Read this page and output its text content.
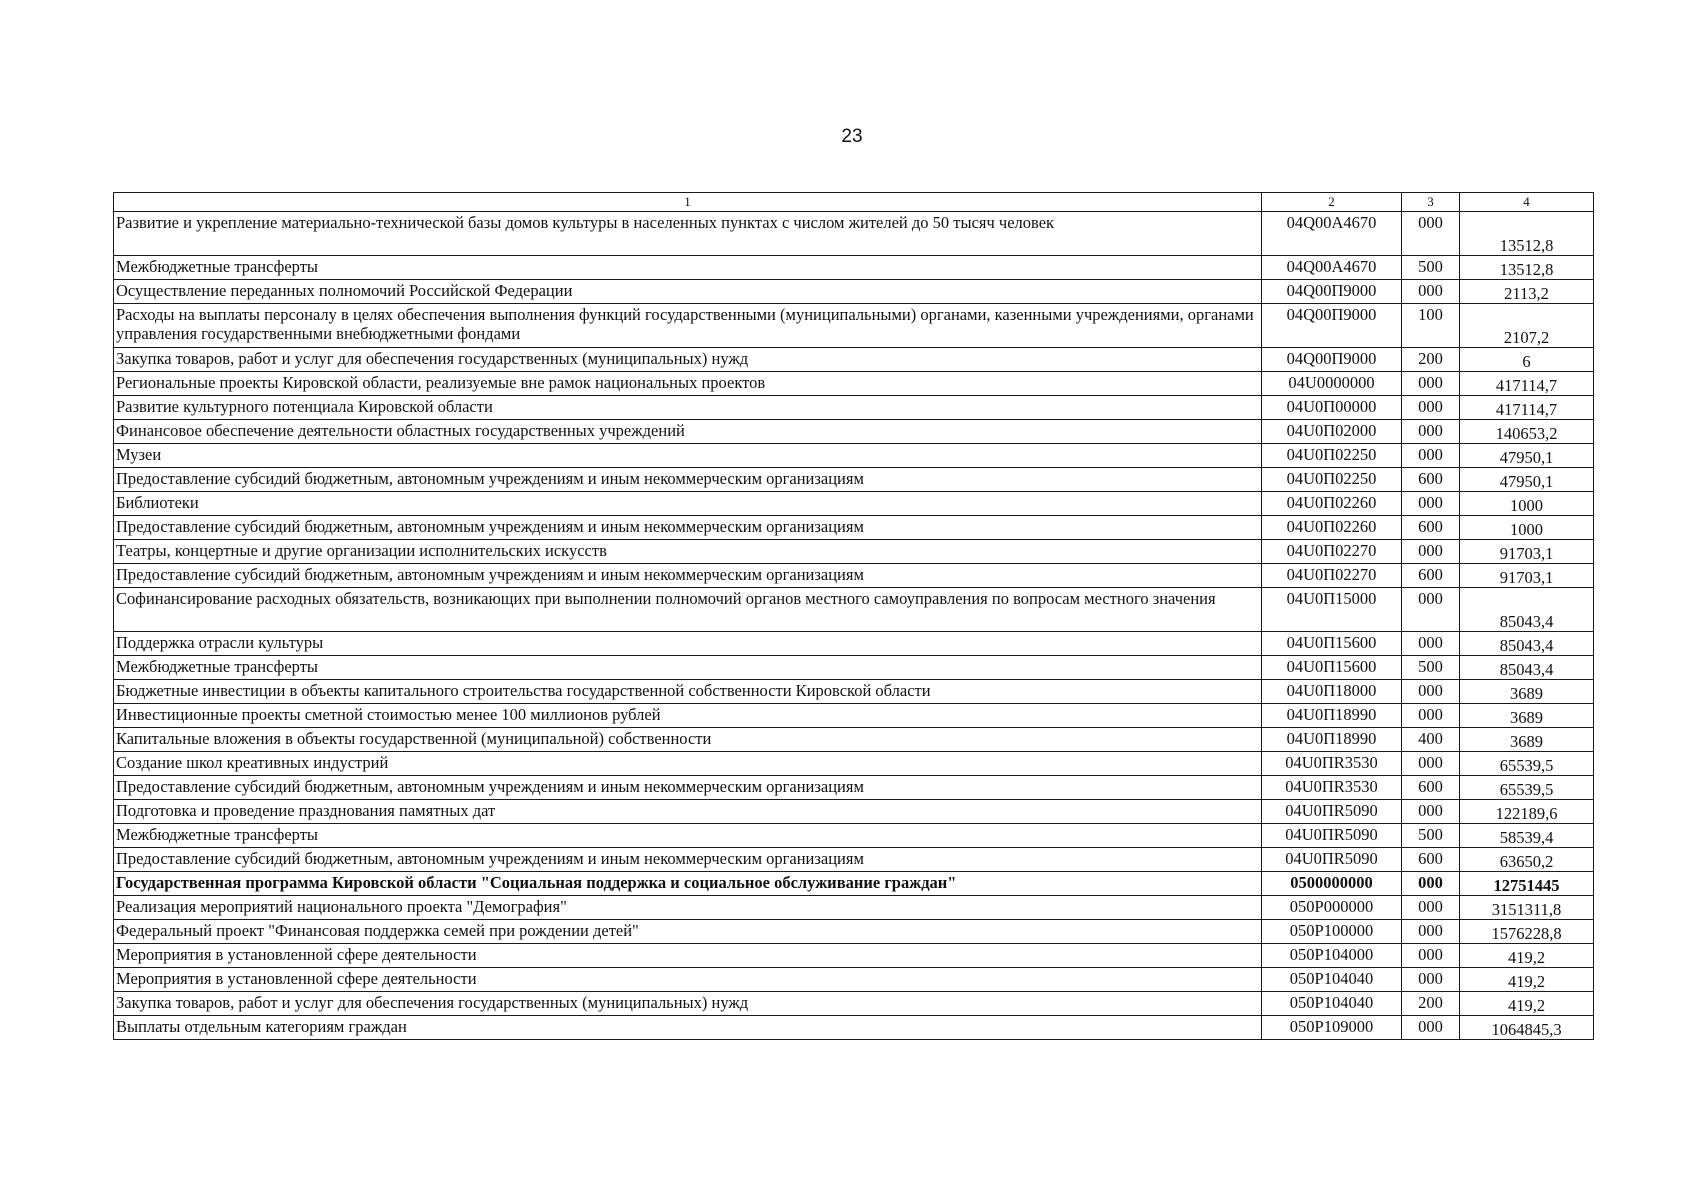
23
1	2	3	4
Развитие и укрепление материально-технической базы домов культуры в населенных пунктах с числом жителей до 50 тысяч человек	04Q00A4670	000	13512,8
Межбюджетные трансферты	04Q00A4670	500	13512,8
Осуществление переданных полномочий Российской Федерации	04Q00П9000	000	2113,2
Расходы на выплаты персоналу в целях обеспечения выполнения функций государственными (муниципальными) органами, казенными учреждениями, органами управления государственными внебюджетными фондами	04Q00П9000	100	2107,2
Закупка товаров, работ и услуг для обеспечения государственных (муниципальных) нужд	04Q00П9000	200	6
Региональные проекты Кировской области, реализуемые вне рамок национальных проектов	04U0000000	000	417114,7
Развитие культурного потенциала Кировской области	04U0П00000	000	417114,7
Финансовое обеспечение деятельности областных государственных учреждений	04U0П02000	000	140653,2
Музеи	04U0П02250	000	47950,1
Предоставление субсидий бюджетным, автономным учреждениям и иным некоммерческим организациям	04U0П02250	600	47950,1
Библиотеки	04U0П02260	000	1000
Предоставление субсидий бюджетным, автономным учреждениям и иным некоммерческим организациям	04U0П02260	600	1000
Театры, концертные и другие организации исполнительских искусств	04U0П02270	000	91703,1
Предоставление субсидий бюджетным, автономным учреждениям и иным некоммерческим организациям	04U0П02270	600	91703,1
Софинансирование расходных обязательств, возникающих при выполнении полномочий органов местного самоуправления по вопросам местного значения	04U0П15000	000	85043,4
Поддержка отрасли культуры	04U0П15600	000	85043,4
Межбюджетные трансферты	04U0П15600	500	85043,4
Бюджетные инвестиции в объекты капитального строительства государственной собственности Кировской области	04U0П18000	000	3689
Инвестиционные проекты сметной стоимостью менее 100 миллионов рублей	04U0П18990	000	3689
Капитальные вложения в объекты государственной (муниципальной) собственности	04U0П18990	400	3689
Создание школ креативных индустрий	04U0ПR3530	000	65539,5
Предоставление субсидий бюджетным, автономным учреждениям и иным некоммерческим организациям	04U0ПR3530	600	65539,5
Подготовка и проведение празднования памятных дат	04U0ПR5090	000	122189,6
Межбюджетные трансферты	04U0ПR5090	500	58539,4
Предоставление субсидий бюджетным, автономным учреждениям и иным некоммерческим организациям	04U0ПR5090	600	63650,2
Государственная программа Кировской области "Социальная поддержка и социальное обслуживание граждан"	0500000000	000	12751445
Реализация мероприятий национального проекта "Демография"	050P000000	000	3151311,8
Федеральный проект "Финансовая поддержка семей при рождении детей"	050P100000	000	1576228,8
Мероприятия в установленной сфере деятельности	050P104000	000	419,2
Мероприятия в установленной сфере деятельности	050P104040	000	419,2
Закупка товаров, работ и услуг для обеспечения государственных (муниципальных) нужд	050P104040	200	419,2
Выплаты отдельным категориям граждан	050P109000	000	1064845,3
